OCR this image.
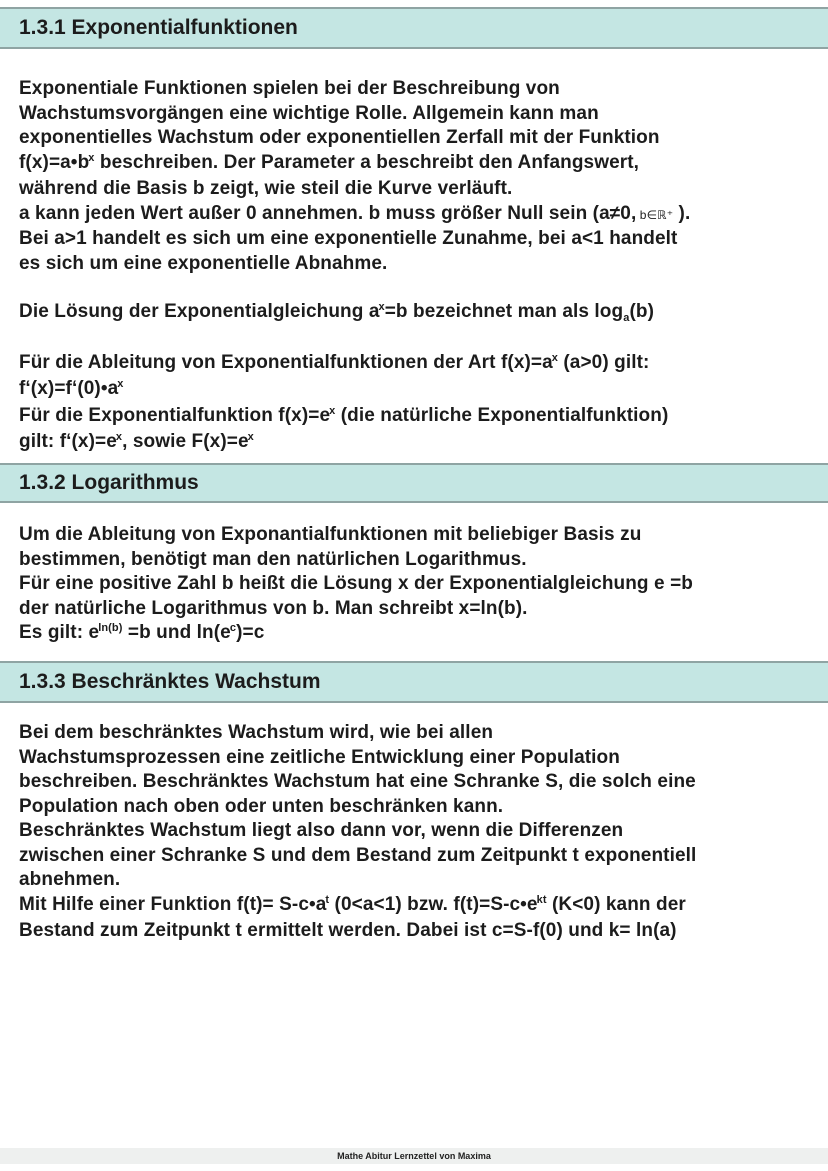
1.3.1 Exponentialfunktionen
Exponentiale Funktionen spielen bei der Beschreibung von
Wachstumsvorgängen eine wichtige Rolle. Allgemein kann man
exponentielles Wachstum oder exponentiellen Zerfall mit der Funktion
$f(x)=a•b^x$ beschreiben. Der Parameter a beschreibt den Anfangswert,
während die Basis b zeigt, wie steil die Kurve verläuft.
a kann jeden Wert außer 0 annehmen. b muss größer Null sein (a≠0, b∈ℝ⁺ ).
Bei a>1 handelt es sich um eine exponentielle Zunahme, bei a<1 handelt
es sich um eine exponentielle Abnahme.
Die Lösung der Exponentialgleichung $a^x=b$ bezeichnet man als $\log_a(b)$
Für die Ableitung von Exponentialfunktionen der Art $f(x)=a^x$ (a>0) gilt:
$f‘(x)=f‘(0)•a^x$
Für die Exponentialfunktion $f(x)=e^x$ (die natürliche Exponentialfunktion)
gilt: $f‘(x)=e^x$, sowie $F(x)=e^x$
1.3.2 Logarithmus
Um die Ableitung von Exponantialfunktionen mit beliebiger Basis zu
bestimmen, benötigt man den natürlichen Logarithmus.
Für eine positive Zahl b heißt die Lösung x der Exponentialgleichung e =b
der natürliche Logarithmus von b. Man schreibt x=ln(b).
Es gilt: $e^{ln(b)} =b$ und $\ln(e^c)=c$
1.3.3 Beschränktes Wachstum
Bei dem beschränktes Wachstum wird, wie bei allen
Wachstumsprozessen eine zeitliche Entwicklung einer Population
beschreiben. Beschränktes Wachstum hat eine Schranke S, die solch eine
Population nach oben oder unten beschränken kann.
Beschränktes Wachstum liegt also dann vor, wenn die Differenzen
zwischen einer Schranke S und dem Bestand zum Zeitpunkt t exponentiell
abnehmen.
Mit Hilfe einer Funktion $f(t)= S-c•a^t$ (0<a<1) bzw. $f(t)=S-c•e^{kt}$ (K<0) kann der
Bestand zum Zeitpunkt t ermittelt werden. Dabei ist c=S-f(0) und k= ln(a)
Mathe Abitur Lernzettel von Maxima
